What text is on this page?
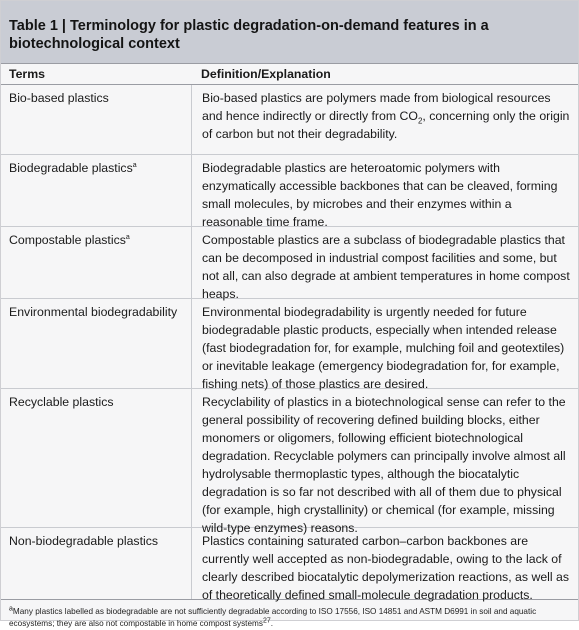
Table 1 | Terminology for plastic degradation-on-demand features in a biotechnological context
Terms	Definition/Explanation
Bio-based plastics	Bio-based plastics are polymers made from biological resources and hence indirectly or directly from $CO_2$, concerning only the origin of carbon but not their degradability.
Biodegradable plastics$^a$	Biodegradable plastics are heteroatomic polymers with enzymatically accessible backbones that can be cleaved, forming small molecules, by microbes and their enzymes within a reasonable time frame.
Compostable plastics$^a$	Compostable plastics are a subclass of biodegradable plastics that can be decomposed in industrial compost facilities and some, but not all, can also degrade at ambient temperatures in home compost heaps.
Environmental biodegradability	Environmental biodegradability is urgently needed for future biodegradable plastic products, especially when intended release (fast biodegradation for, for example, mulching foil and geotextiles) or inevitable leakage (emergency biodegradation for, for example, fishing nets) of those plastics are desired.
Recyclable plastics	Recyclability of plastics in a biotechnological sense can refer to the general possibility of recovering defined building blocks, either monomers or oligomers, following efficient biotechnological degradation. Recyclable polymers can principally involve almost all hydrolysable thermoplastic types, although the biocatalytic degradation is so far not described with all of them due to physical (for example, high crystallinity) or chemical (for example, missing wild-type enzymes) reasons.
Non-biodegradable plastics	Plastics containing saturated carbon–carbon backbones are currently well accepted as non-biodegradable, owing to the lack of clearly described biocatalytic depolymerization reactions, as well as of theoretically defined small-molecule degradation products.
aMany plastics labelled as biodegradable are not sufficiently degradable according to ISO 17556, ISO 14851 and ASTM D6991 in soil and aquatic ecosystems; they are also not compostable in home compost systems27.
